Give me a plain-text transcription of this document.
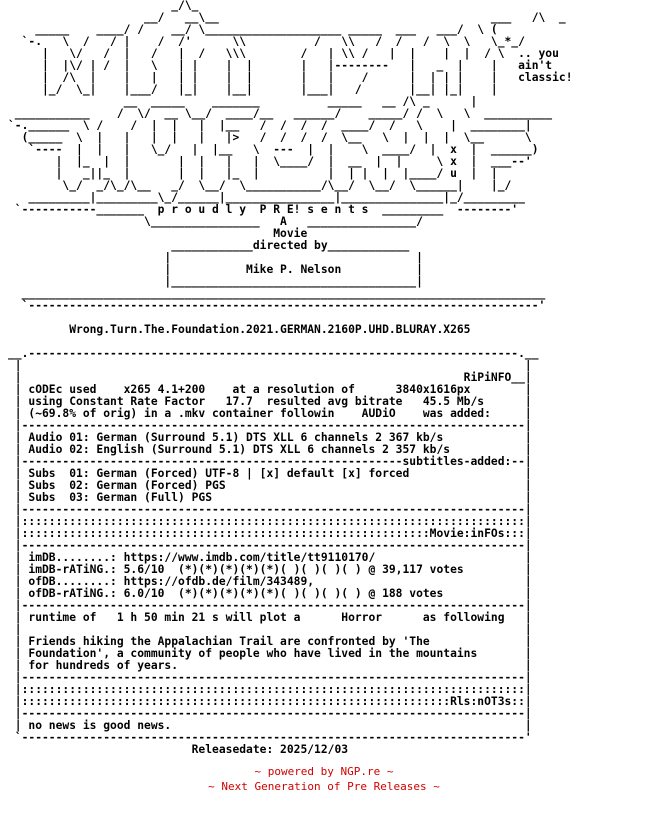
_/\_
__/   __\__                                        ___   /\  _
_____    ____/ /    __/ \____________________ _____  ___   ___/  \ (
`-.   \  /   / |    /  /'      \\          /   \\   /  /   /  \  \   \_*_/
|   \/   /  |   /   |  /   \\\        /   | \\ /   |  |    |  |  / \  .. you
|  |\/ | /  |   \   | |    |  |       |   |--------   |   _  |    |   ain't
|  /\  |    |   |   | |    |  |       |   |    /      |  | | |    |   classic!
|_/  \_|    |___/   |_|    |__|       |___|   /       |__| |_|    |
__  _____    _______          _____   __ /\ _      |
___________    /  \/  __ \__/  ____/__   ______/    _____/ /  \   \  __________
`-.______  \ /    /  |  |   |  |__   /  /  /  /  ____/  /   \    |  ________|
(_____  \  |   |   |  |   |   |>   /  /  /  /  \__   \  |  |  |  \__      \
`----  |  |   |   \_/   |  |__   \  ---  |  |    \  ____/  |  x  |  ______)
|  |_  |  |       |  |   |   |  \____/  |  __  |  |     \ x  |  ___--'
|   _||_  |       |  |   |_  |          |  | |  |  |____/ u  |  |
\_/  _/\_/\__   _/  \__/  \___________/\__/  \__/  \______|    |_/
_________|_________\_/______|________________|_______________|_/_________
`-----------_______  p r o u d l y  P R E! s e n t s  _________  --------'
\________________   A   ________________/
Movie
____________directed by____________
|                                    |
|           Mike P. Nelson           |
|____________________________________|
_____________________________________________________________________________
`---------------------------------------------------------------------------'

Wrong.Turn.The.Foundation.2021.GERMAN.2160P.UHD.BLURAY.X265

__.------------------------------------------------------------------------.__
|                                                                          |
|                                                                 RiPiNFO__|
| cODEc used    x265 4.1+200    at a resolution of      3840x1616px        |
| using Constant Rate Factor   17.7  resulted avg bitrate   45.5 Mb/s      |
| (~69.8% of orig) in a .mkv container followin    AUDiO    was added:     |
|--------------------------------------------------------------------------|
| Audio 01: German (Surround 5.1) DTS XLL 6 channels 2 367 kb/s            |
| Audio 02: English (Surround 5.1) DTS XLL 6 channels 2 357 kb/s           |
|--------------------------------------------------------subtitles-added:--|
| Subs  01: German (Forced) UTF-8 | [x] default [x] forced                 |
| Subs  02: German (Forced) PGS                                            |
| Subs  03: German (Full) PGS                                              |
|--------------------------------------------------------------------------|
|::::::::::::::::::::::::::::::::::::::::::::::::::::::::::::::::::::::::::|
|::::::::::::::::::::::::::::::::::::::::::::::::::::::::::::Movie:inFOs:::|
|--------------------------------------------------------------------------|
| imDB........: https://www.imdb.com/title/tt9110170/                      |
| imDB-rATiNG.: 5.6/10  (*)(*)(*)(*)(*)( )( )( )( ) @ 39,117 votes         |
| ofDB........: https://ofdb.de/film/343489,                               |
| ofDB-rATiNG.: 6.0/10  (*)(*)(*)(*)(*)( )( )( )( ) @ 188 votes            |
|--------------------------------------------------------------------------|
| runtime of   1 h 50 min 21 s will plot a      Horror      as following   |
|                                                                          |
| Friends hiking the Appalachian Trail are confronted by 'The              |
| Foundation', a community of people who have lived in the mountains       |
| for hundreds of years.                                                   |
|--------------------------------------------------------------------------|
|::::::::::::::::::::::::::::::::::::::::::::::::::::::::::::::::::::::::::|
|:::::::::::::::::::::::::::::::::::::::::::::::::::::::::::::::Rls:nOT3s::|
|--------------------------------------------------------------------------|
| no news is good news.                                                    |
`--------------------------------------------------------------------------'
Releasedate: 2025/12/03
~ powered by NGP.re ~
~ Next Generation of Pre Releases ~
